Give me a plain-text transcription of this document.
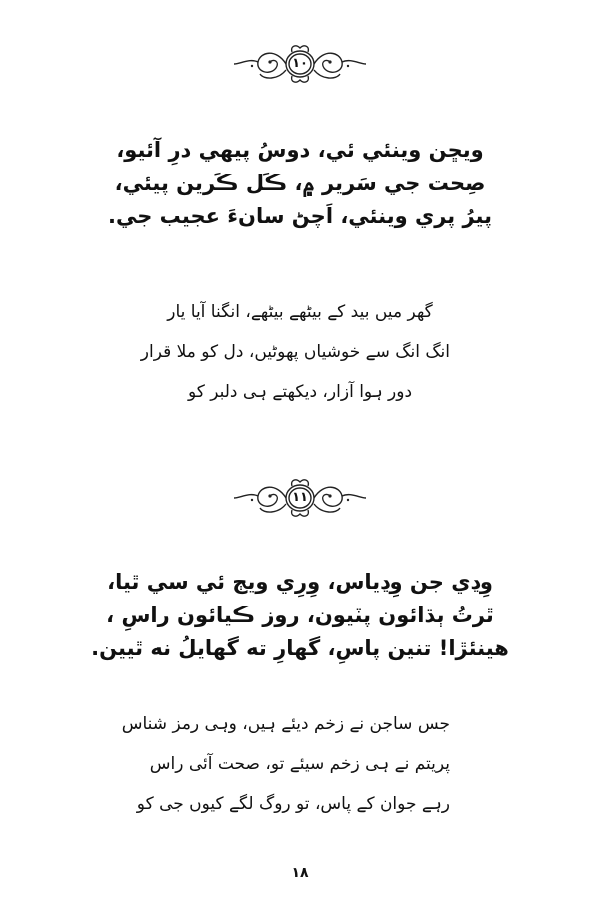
١٠
ويڇن وينئي ئي، دوسُ پيھي درِ آئيو،
صِحت جي سَرير ۾، ڪَل ڪَرين پيئي،
پيرُ پري وينئي، اَچڻ سانءَ عجيب جي.
گھر میں بید کے بیٹھے بیٹھے، انگنا آیا یار
انگ انگ سے خوشیاں پھوٹیں، دل کو ملا قرار
دور ہوا آزار، دیکھتے ہی دلبر کو
١١
وِڍي جن وِڍياس، وِرِي ويڄ ئي سي ٿيا،
ٿرتُ ٻڌائون پٽيون، روز ڪيائون راسِ ،
هينئڙا! تنين پاسِ، گھارِ ته گھايلُ نه ٿيين.
جس ساجن نے زخم دیئے ہیں، وہی رمز شناس
پریتم نے ہی زخم سیئے تو، صحت آئی راس
رہے جوان کے پاس، تو روگ لگے کیوں جی کو
١٨
